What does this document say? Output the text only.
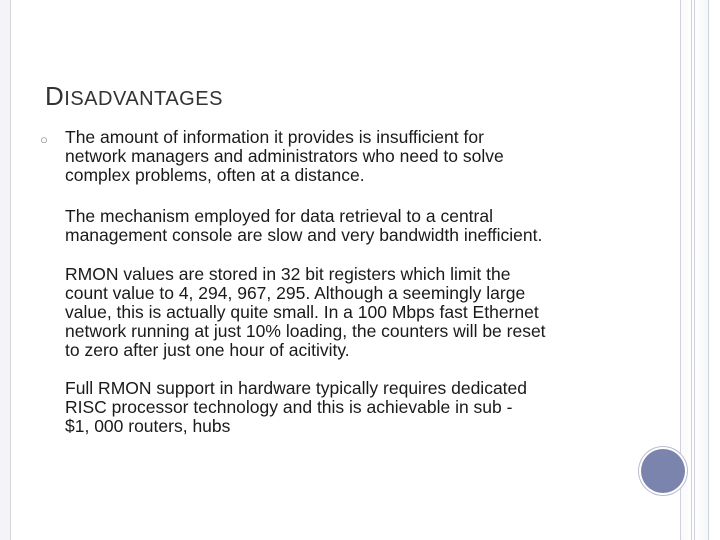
DISADVANTAGES
○ The amount of information it provides is insufficient for
network managers and administrators who need to solve
complex problems, often at a distance.

The mechanism employed for data retrieval to a central
management console are slow and very bandwidth inefficient.

RMON values are stored in 32 bit registers which limit the
count value to 4, 294, 967, 295. Although a seemingly large
value, this is actually quite small. In a 100 Mbps fast Ethernet
network running at just 10% loading, the counters will be reset
to zero after just one hour of acitivity.

Full RMON support in hardware typically requires dedicated
RISC processor technology and this is achievable in sub -
$1, 000 routers, hubs
